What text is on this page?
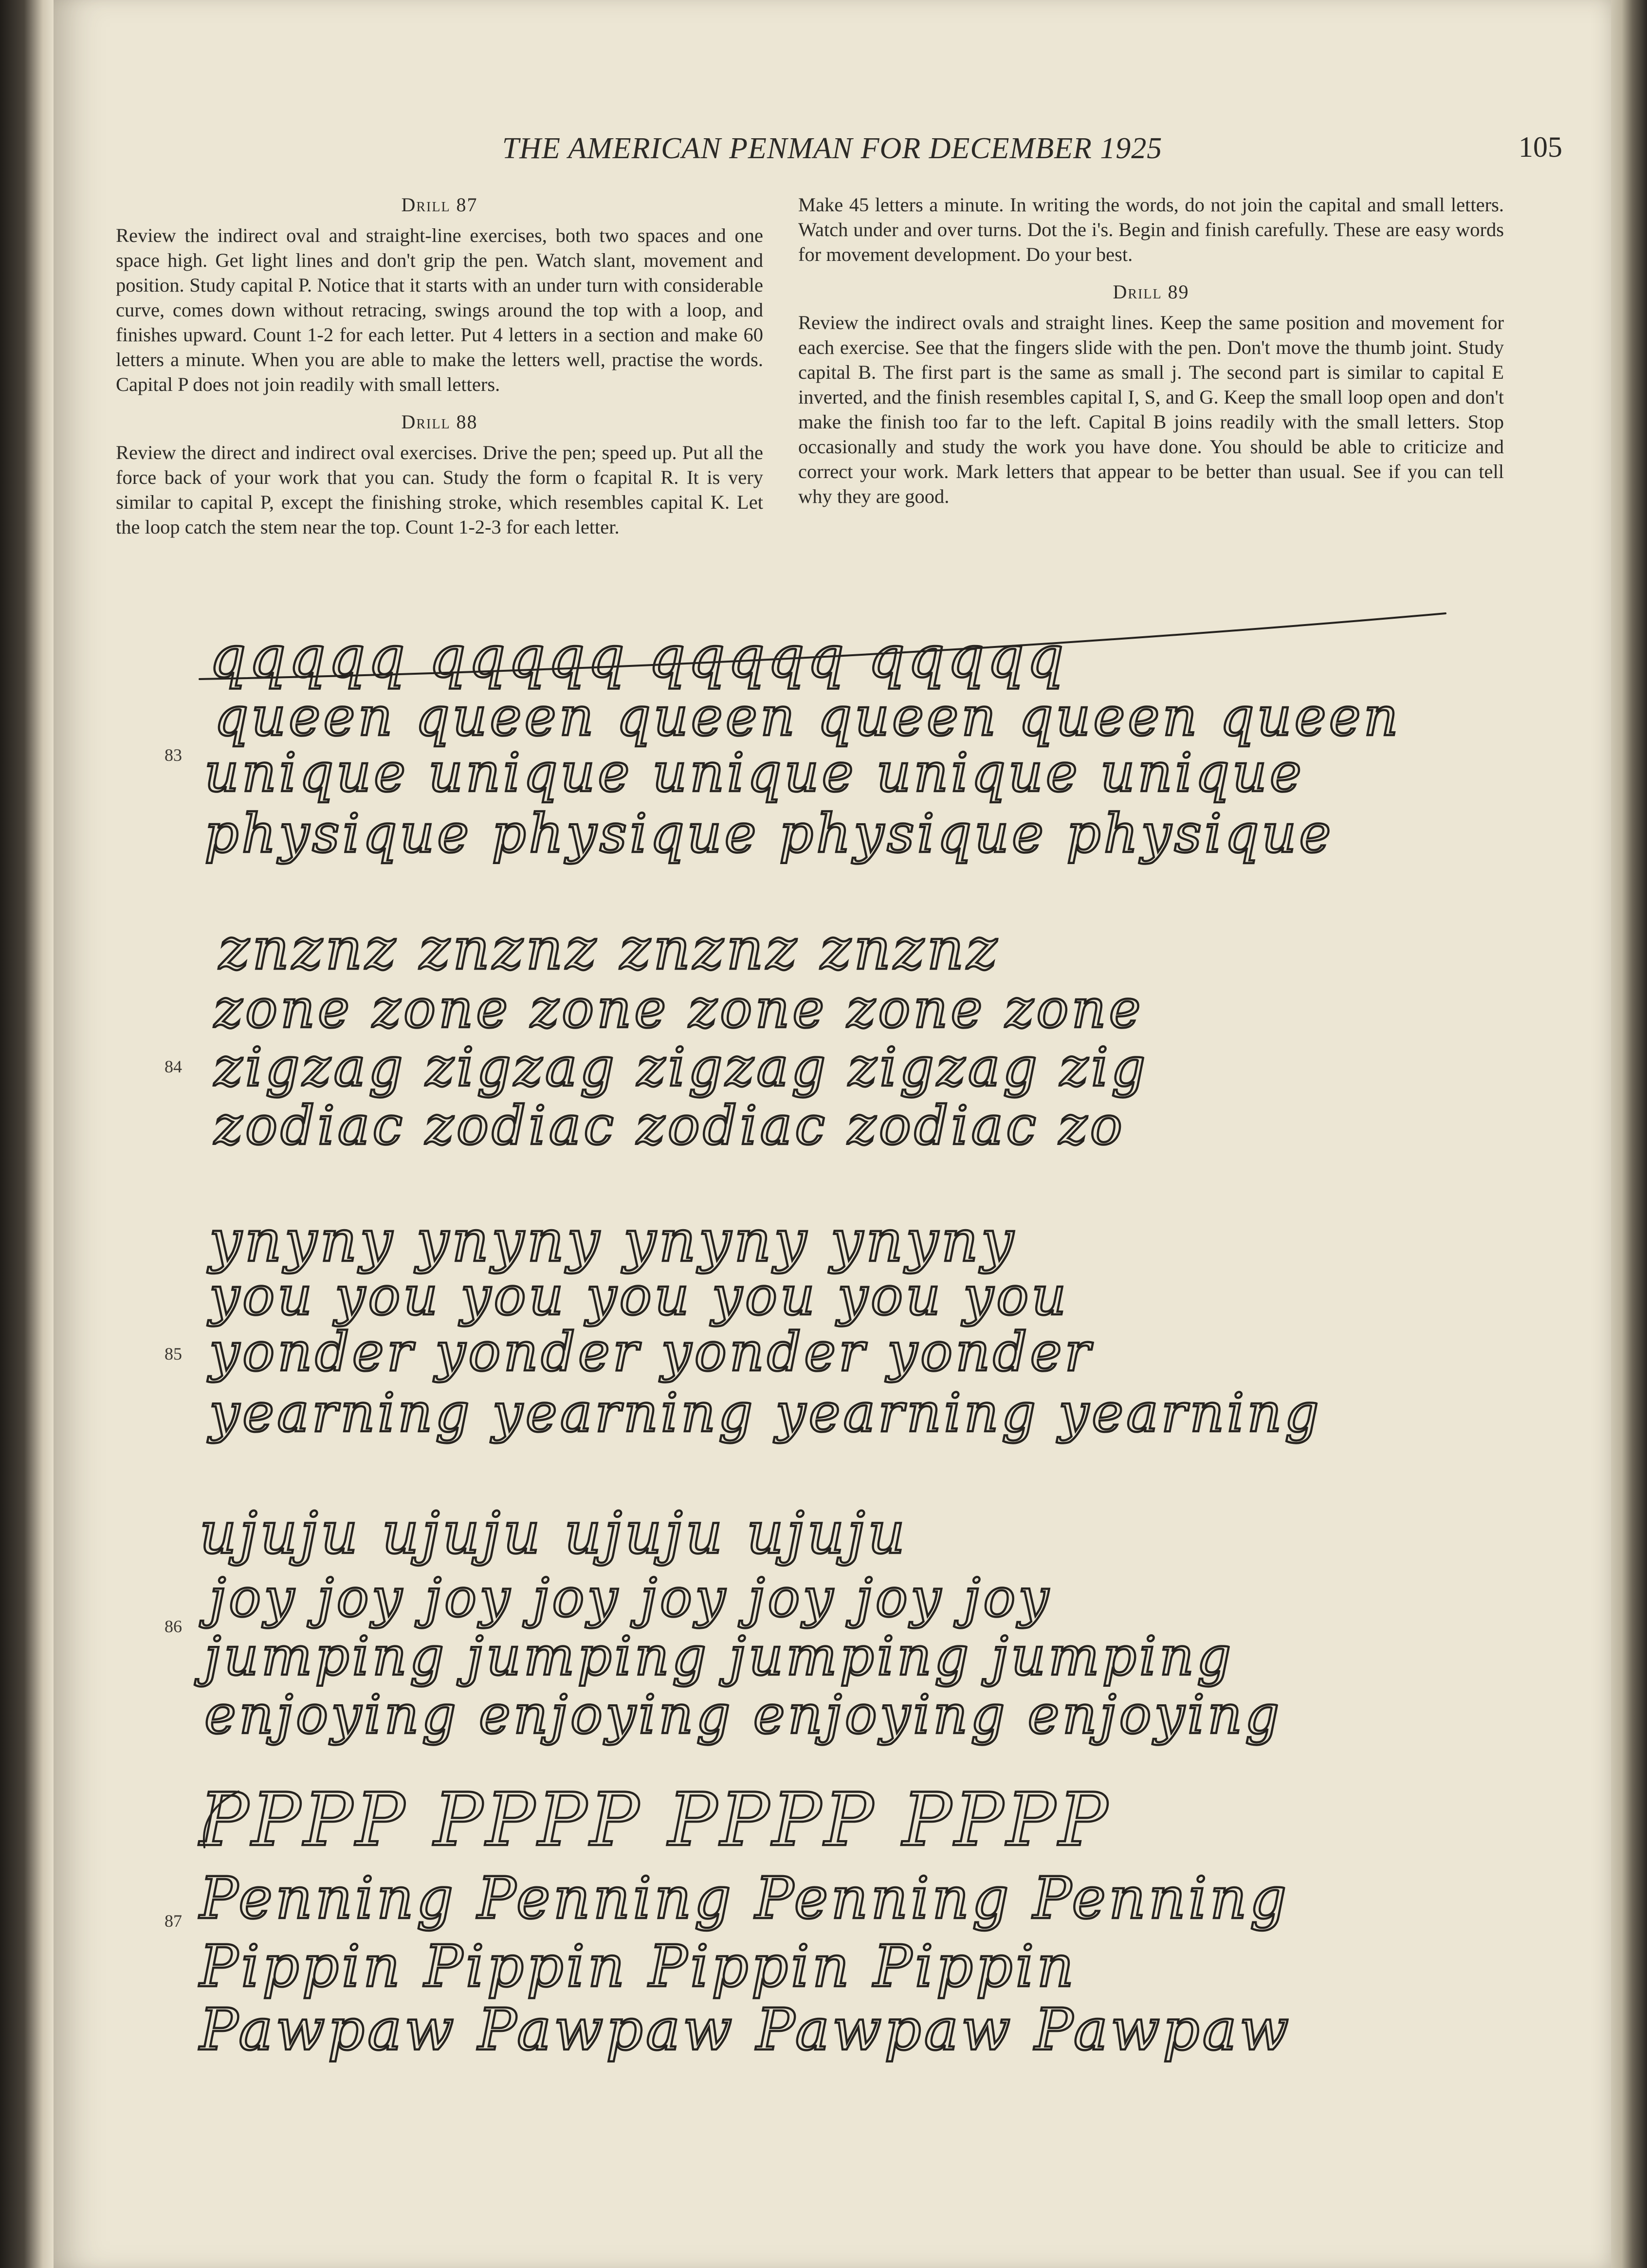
THE AMERICAN PENMAN FOR DECEMBER 1925	105
Drill 87

Review the indirect oval and straight-line exercises, both two spaces and one space high. Get light lines and don't grip the pen. Watch slant, movement and position. Study capital P. Notice that it starts with an under turn with considerable curve, comes down without retracing, swings around the top with a loop, and finishes upward. Count 1-2 for each letter. Put 4 letters in a section and make 60 letters a minute. When you are able to make the letters well, practise the words. Capital P does not join readily with small letters.

Drill 88

Review the direct and indirect oval exercises. Drive the pen; speed up. Put all the force back of your work that you can. Study the form o fcapital R. It is very similar to capital P, except the finishing stroke, which resembles capital K. Let the loop catch the stem near the top. Count 1-2-3 for each letter.

Make 45 letters a minute. In writing the words, do not join the capital and small letters. Watch under and over turns. Dot the i's. Begin and finish carefully. These are easy words for movement development. Do your best.

Drill 89

Review the indirect ovals and straight lines. Keep the same position and movement for each exercise. See that the fingers slide with the pen. Don't move the thumb joint. Study capital B. The first part is the same as small j. The second part is similar to capital E inverted, and the finish resembles capital I, S, and G. Keep the small loop open and don't make the finish too far to the left. Capital B joins readily with the small letters. Stop occasionally and study the work you have done. You should be able to criticize and correct your work. Mark letters that appear to be better than usual. See if you can tell why they are good.

83
84
85
86
87
qqqqq qqqqq qqqqq qqqqq
queen queen queen queen queen queen
unique unique unique unique unique
physique physique physique physique
znznz znznz znznz znznz
zone zone zone zone zone zone
zigzag zigzag zigzag zigzag zig
zodiac zodiac zodiac zodiac zo
ynyny ynyny ynyny ynyny
you you you you you you you
yonder yonder yonder yonder
yearning yearning yearning yearning
ujuju ujuju ujuju ujuju
joy joy joy joy joy joy joy joy
jumping jumping jumping jumping
enjoying enjoying enjoying enjoying
PPPP PPPP PPPP PPPP
Penning Penning Penning Penning
Pippin Pippin Pippin Pippin
Pawpaw Pawpaw Pawpaw Pawpaw
